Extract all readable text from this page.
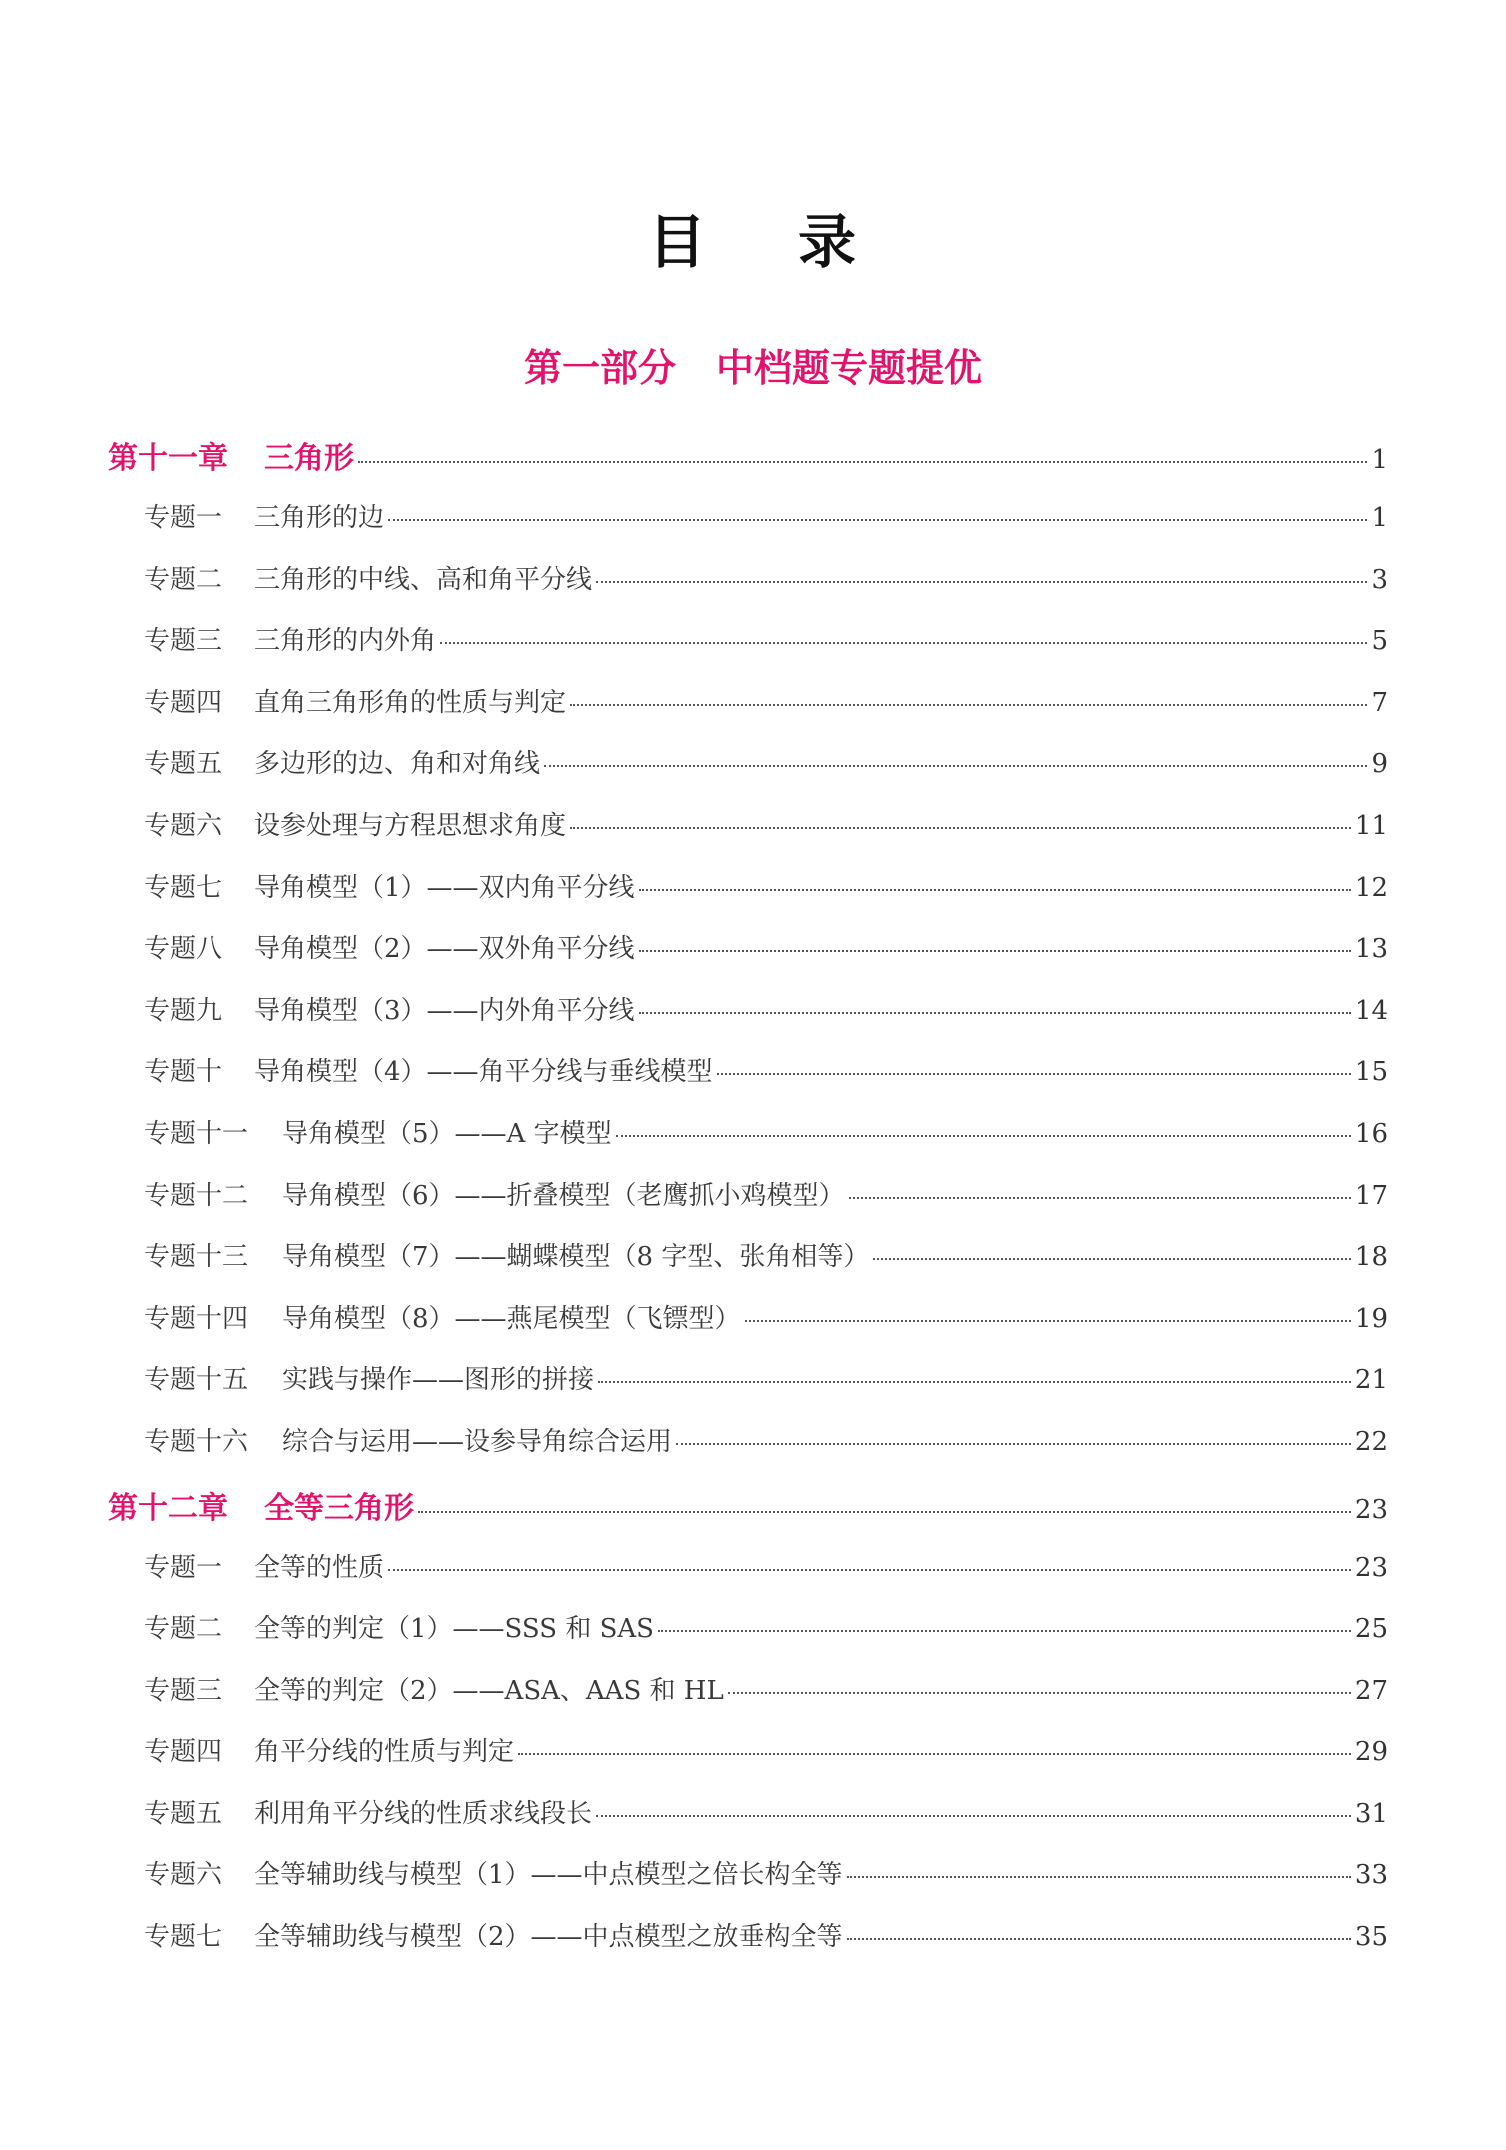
目 录
第一部分 中档题专题提优
第十一章	三角形	1
专题一	三角形的边	1
专题二	三角形的中线、高和角平分线	3
专题三	三角形的内外角	5
专题四	直角三角形角的性质与判定	7
专题五	多边形的边、角和对角线	9
专题六	设参处理与方程思想求角度	11
专题七	导角模型（1）——双内角平分线	12
专题八	导角模型（2）——双外角平分线	13
专题九	导角模型（3）——内外角平分线	14
专题十	导角模型（4）——角平分线与垂线模型	15
专题十一	导角模型（5）——A 字模型	16
专题十二	导角模型（6）——折叠模型（老鹰抓小鸡模型）	17
专题十三	导角模型（7）——蝴蝶模型（8 字型、张角相等）	18
专题十四	导角模型（8）——燕尾模型（飞镖型）	19
专题十五	实践与操作——图形的拼接	21
专题十六	综合与运用——设参导角综合运用	22
第十二章	全等三角形	23
专题一	全等的性质	23
专题二	全等的判定（1）——SSS 和 SAS	25
专题三	全等的判定（2）——ASA、AAS 和 HL	27
专题四	角平分线的性质与判定	29
专题五	利用角平分线的性质求线段长	31
专题六	全等辅助线与模型（1）——中点模型之倍长构全等	33
专题七	全等辅助线与模型（2）——中点模型之放垂构全等	35
